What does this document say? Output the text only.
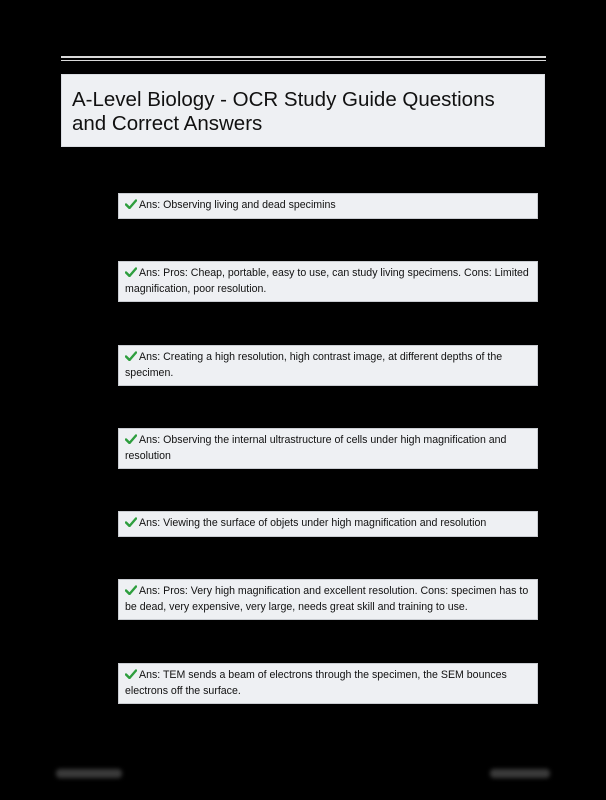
A-Level Biology - OCR Study Guide Questions and Correct Answers
Ans: Observing living and dead specimins
Ans: Pros: Cheap, portable, easy to use, can study living specimens. Cons: Limited magnification, poor resolution.
Ans: Creating a high resolution, high contrast image, at different depths of the specimen.
Ans: Observing the internal ultrastructure of cells under high magnification and resolution
Ans: Viewing the surface of objets under high magnification and resolution
Ans: Pros: Very high magnification and excellent resolution. Cons: specimen has to be dead, very expensive, very large, needs great skill and training to use.
Ans: TEM sends a beam of electrons through the specimen, the SEM bounces electrons off the surface.
